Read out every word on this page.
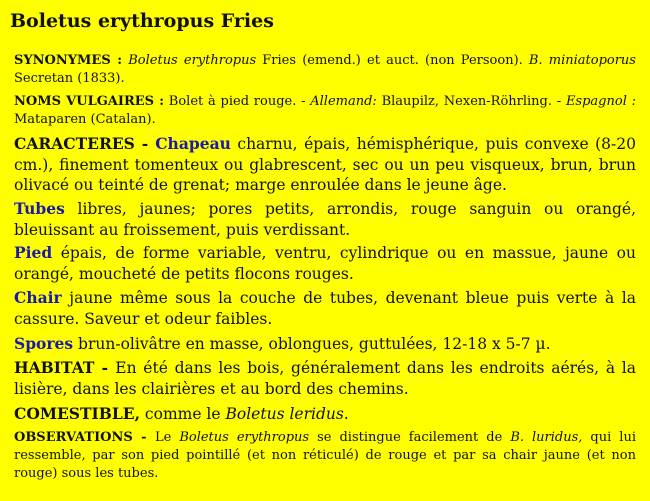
Boletus erythropus Fries

SYNONYMES : Boletus erythropus Fries (emend.) et auct. (non Persoon). B. miniatoporus Secretan (1833).

NOMS VULGAIRES : Bolet à pied rouge. - Allemand: Blaupilz, Nexen-Röhrling. - Espagnol : Mataparen (Catalan).

CARACTERES - Chapeau charnu, épais, hémisphérique, puis convexe (8-20 cm.), finement tomenteux ou glabrescent, sec ou un peu visqueux, brun, brun olivacé ou teinté de grenat; marge enroulée dans le jeune âge.

Tubes libres, jaunes; pores petits, arrondis, rouge sanguin ou orangé, bleuissant au froissement, puis verdissant.

Pied épais, de forme variable, ventru, cylindrique ou en massue, jaune ou orangé, moucheté de petits flocons rouges.

Chair jaune même sous la couche de tubes, devenant bleue puis verte à la cassure. Saveur et odeur faibles.

Spores brun-olivâtre en masse, oblongues, guttulées, 12-18 x 5-7 µ.

HABITAT - En été dans les bois, généralement dans les endroits aérés, à la lisière, dans les clairières et au bord des chemins.

COMESTIBLE, comme le Boletus leridus.

OBSERVATIONS - Le Boletus erythropus se distingue facilement de B. luridus, qui lui ressemble, par son pied pointillé (et non réticulé) de rouge et par sa chair jaune (et non rouge) sous les tubes.
